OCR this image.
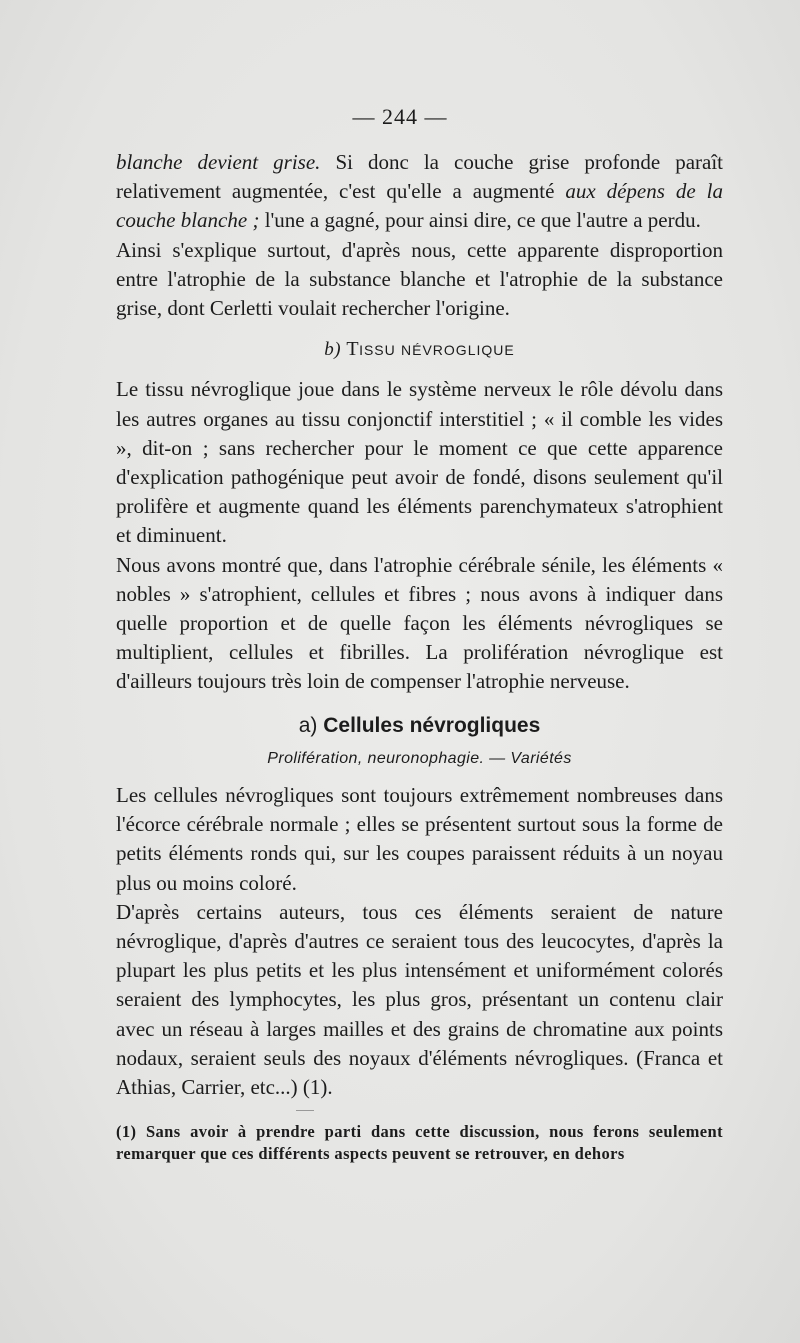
— 244 —

blanche devient grise. Si donc la couche grise profonde paraît relativement augmentée, c'est qu'elle a augmenté aux dépens de la couche blanche ; l'une a gagné, pour ainsi dire, ce que l'autre a perdu.

Ainsi s'explique surtout, d'après nous, cette apparente disproportion entre l'atrophie de la substance blanche et l'atrophie de la substance grise, dont Cerletti voulait rechercher l'origine.

b) TISSU NÉVROGLIQUE

Le tissu névroglique joue dans le système nerveux le rôle dévolu dans les autres organes au tissu conjonctif interstitiel ; « il comble les vides », dit-on ; sans rechercher pour le moment ce que cette apparence d'explication pathogénique peut avoir de fondé, disons seulement qu'il prolifère et augmente quand les éléments parenchymateux s'atrophient et diminuent.

Nous avons montré que, dans l'atrophie cérébrale sénile, les éléments « nobles » s'atrophient, cellules et fibres ; nous avons à indiquer dans quelle proportion et de quelle façon les éléments névrogliques se multiplient, cellules et fibrilles. La prolifération névroglique est d'ailleurs toujours très loin de compenser l'atrophie nerveuse.

a) Cellules névrogliques
Prolifération, neuronophagie. — Variétés

Les cellules névrogliques sont toujours extrêmement nombreuses dans l'écorce cérébrale normale ; elles se présentent surtout sous la forme de petits éléments ronds qui, sur les coupes paraissent réduits à un noyau plus ou moins coloré.

D'après certains auteurs, tous ces éléments seraient de nature névroglique, d'après d'autres ce seraient tous des leucocytes, d'après la plupart les plus petits et les plus intensément et uniformément colorés seraient des lymphocytes, les plus gros, présentant un contenu clair avec un réseau à larges mailles et des grains de chromatine aux points nodaux, seraient seuls des noyaux d'éléments névrogliques. (Franca et Athias, Carrier, etc...) (1).

(1) Sans avoir à prendre parti dans cette discussion, nous ferons seulement remarquer que ces différents aspects peuvent se retrouver, en dehors
